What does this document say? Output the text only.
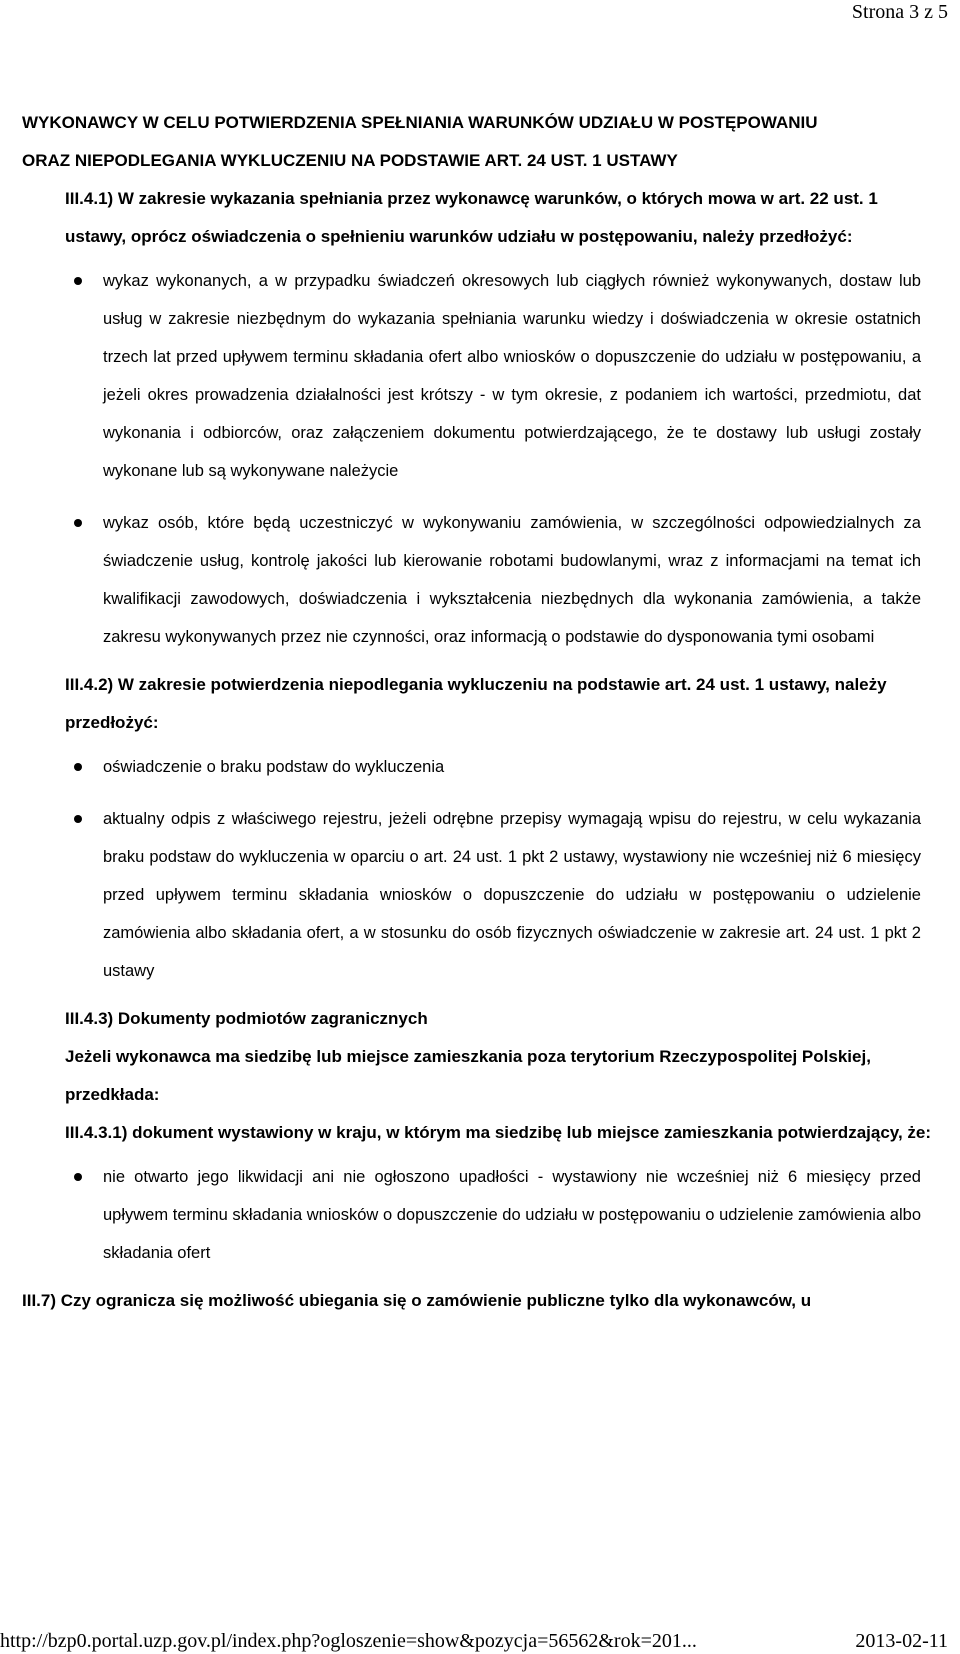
Strona 3 z 5
WYKONAWCY W CELU POTWIERDZENIA SPEŁNIANIA WARUNKÓW UDZIAŁU W POSTĘPOWANIU
ORAZ NIEPODLEGANIA WYKLUCZENIU NA PODSTAWIE ART. 24 UST. 1 USTAWY
III.4.1) W zakresie wykazania spełniania przez wykonawcę warunków, o których mowa w art. 22 ust. 1 ustawy, oprócz oświadczenia o spełnieniu warunków udziału w postępowaniu, należy przedłożyć:
wykaz wykonanych, a w przypadku świadczeń okresowych lub ciągłych również wykonywanych, dostaw lub usług w zakresie niezbędnym do wykazania spełniania warunku wiedzy i doświadczenia w okresie ostatnich trzech lat przed upływem terminu składania ofert albo wniosków o dopuszczenie do udziału w postępowaniu, a jeżeli okres prowadzenia działalności jest krótszy - w tym okresie, z podaniem ich wartości, przedmiotu, dat wykonania i odbiorców, oraz załączeniem dokumentu potwierdzającego, że te dostawy lub usługi zostały wykonane lub są wykonywane należycie
wykaz osób, które będą uczestniczyć w wykonywaniu zamówienia, w szczególności odpowiedzialnych za świadczenie usług, kontrolę jakości lub kierowanie robotami budowlanymi, wraz z informacjami na temat ich kwalifikacji zawodowych, doświadczenia i wykształcenia niezbędnych dla wykonania zamówienia, a także zakresu wykonywanych przez nie czynności, oraz informacją o podstawie do dysponowania tymi osobami
III.4.2) W zakresie potwierdzenia niepodlegania wykluczeniu na podstawie art. 24 ust. 1 ustawy, należy przedłożyć:
oświadczenie o braku podstaw do wykluczenia
aktualny odpis z właściwego rejestru, jeżeli odrębne przepisy wymagają wpisu do rejestru, w celu wykazania braku podstaw do wykluczenia w oparciu o art. 24 ust. 1 pkt 2 ustawy, wystawiony nie wcześniej niż 6 miesięcy przed upływem terminu składania wniosków o dopuszczenie do udziału w postępowaniu o udzielenie zamówienia albo składania ofert, a w stosunku do osób fizycznych oświadczenie w zakresie art. 24 ust. 1 pkt 2 ustawy
III.4.3) Dokumenty podmiotów zagranicznych
Jeżeli wykonawca ma siedzibę lub miejsce zamieszkania poza terytorium Rzeczypospolitej Polskiej, przedkłada:
III.4.3.1) dokument wystawiony w kraju, w którym ma siedzibę lub miejsce zamieszkania potwierdzający, że:
nie otwarto jego likwidacji ani nie ogłoszono upadłości - wystawiony nie wcześniej niż 6 miesięcy przed upływem terminu składania wniosków o dopuszczenie do udziału w postępowaniu o udzielenie zamówienia albo składania ofert
III.7) Czy ogranicza się możliwość ubiegania się o zamówienie publiczne tylko dla wykonawców, u
http://bzp0.portal.uzp.gov.pl/index.php?ogloszenie=show&pozycja=56562&rok=201...	2013-02-11
